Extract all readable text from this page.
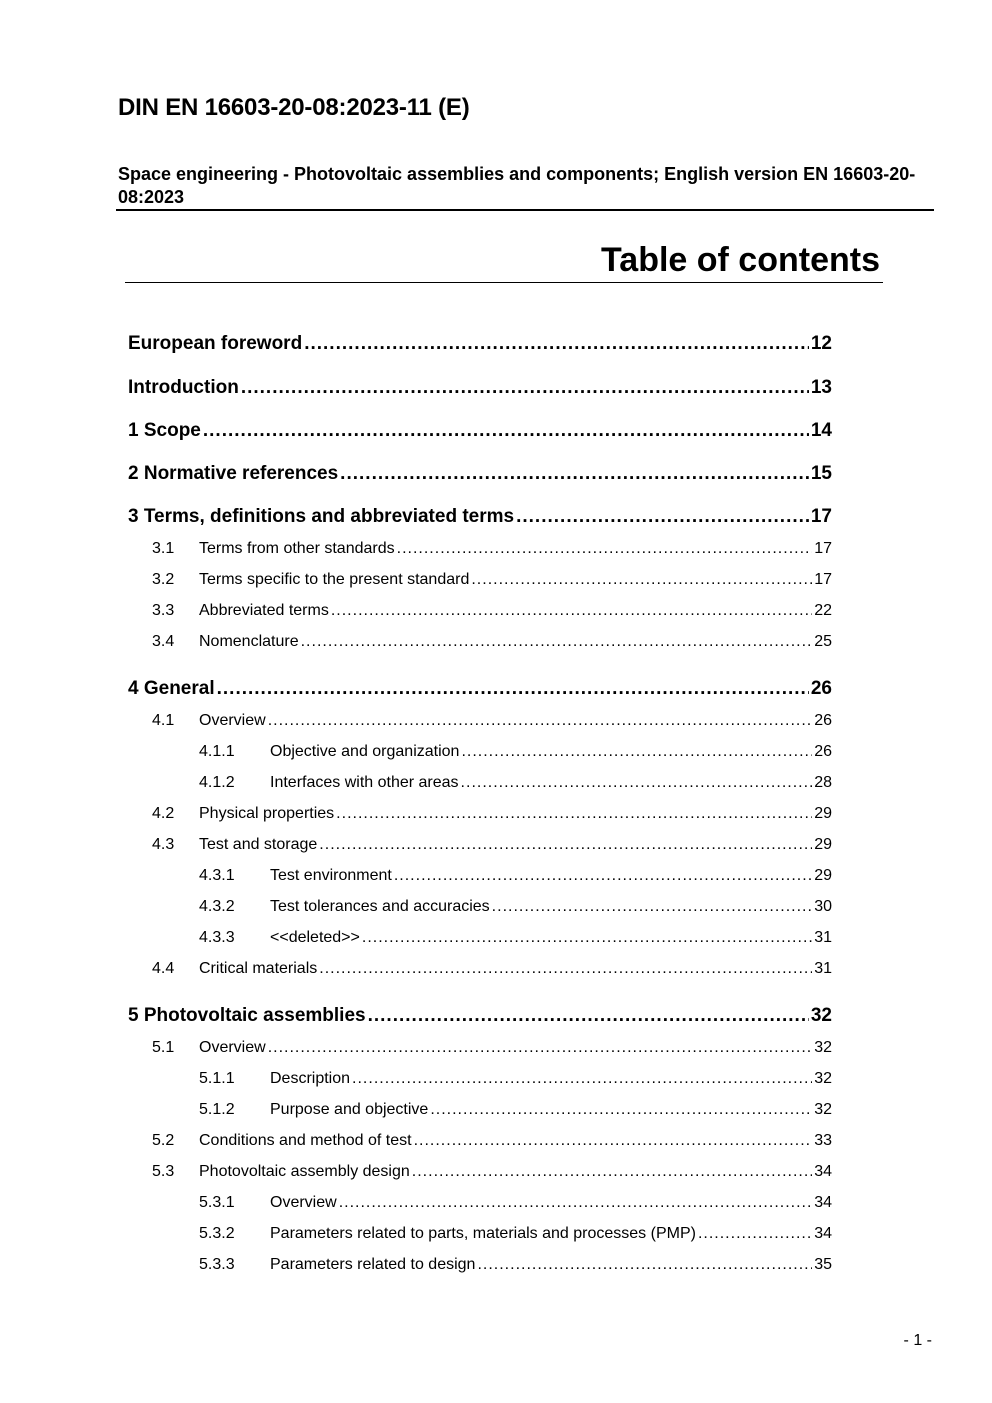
DIN EN 16603-20-08:2023-11 (E)
Space engineering - Photovoltaic assemblies and components; English version EN 16603-20-08:2023
Table of contents
European foreword .....	12
Introduction .....	13
1 Scope .....	14
2 Normative references .....	15
3 Terms, definitions and abbreviated terms .....	17
3.1 Terms from other standards .....	17
3.2 Terms specific to the present standard .....	17
3.3 Abbreviated terms .....	22
3.4 Nomenclature .....	25
4 General .....	26
4.1 Overview .....	26
4.1.1 Objective and organization .....	26
4.1.2 Interfaces with other areas .....	28
4.2 Physical properties .....	29
4.3 Test and storage .....	29
4.3.1 Test environment .....	29
4.3.2 Test tolerances and accuracies .....	30
4.3.3 <<deleted>> .....	31
4.4 Critical materials .....	31
5 Photovoltaic assemblies .....	32
5.1 Overview .....	32
5.1.1 Description .....	32
5.1.2 Purpose and objective .....	32
5.2 Conditions and method of test .....	33
5.3 Photovoltaic assembly design .....	34
5.3.1 Overview .....	34
5.3.2 Parameters related to parts, materials and processes (PMP) .....	34
5.3.3 Parameters related to design .....	35
- 1 -
